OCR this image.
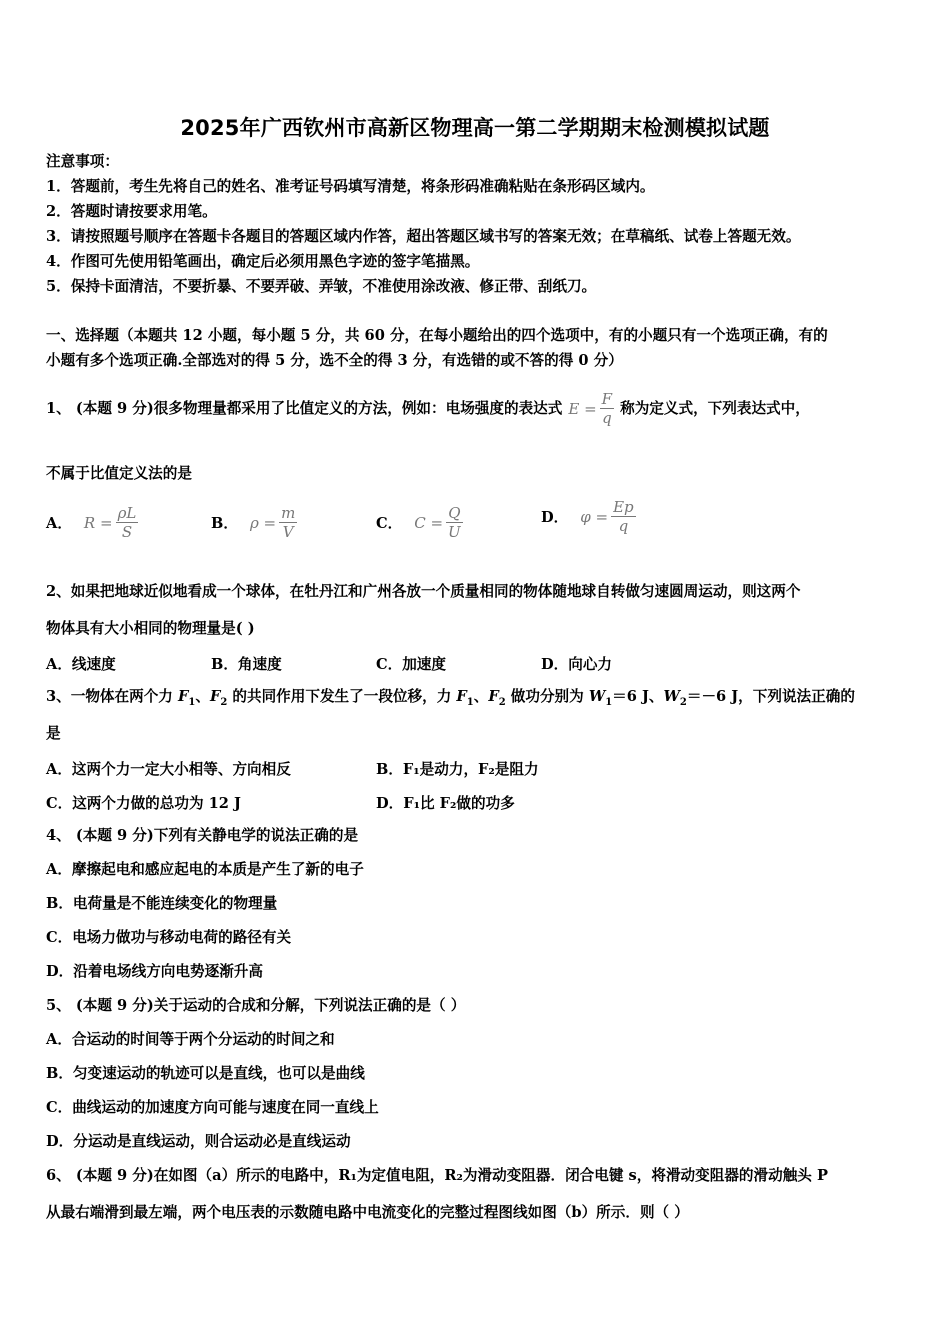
2025年广西钦州市高新区物理高一第二学期期末检测模拟试题
注意事项：
1．答题前，考生先将自己的姓名、准考证号码填写清楚，将条形码准确粘贴在条形码区域内。
2．答题时请按要求用笔。
3．请按照题号顺序在答题卡各题目的答题区域内作答，超出答题区域书写的答案无效；在草稿纸、试卷上答题无效。
4．作图可先使用铅笔画出，确定后必须用黑色字迹的签字笔描黑。
5．保持卡面清洁，不要折暴、不要弄破、弄皱，不准使用涂改液、修正带、刮纸刀。
一、选择题（本题共 12 小题，每小题 5 分，共 60 分，在每小题给出的四个选项中，有的小题只有一个选项正确，有的
小题有多个选项正确.全部选对的得 5 分，选不全的得 3 分，有选错的或不答的得 0 分）
1、 (本题 9 分)很多物理量都采用了比值定义的方法，例如：电场强度的表达式 $E = \frac{F}{q}$ 称为定义式，下列表达式中，
不属于比值定义法的是
A． $R = \frac{\rho L}{S}$	B． $\rho = \frac{m}{V}$	C． $C = \frac{Q}{U}$	D． $\varphi = \frac{Ep}{q}$
2、如果把地球近似地看成一个球体，在牡丹江和广州各放一个质量相同的物体随地球自转做匀速圆周运动，则这两个
物体具有大小相同的物理量是( )
A．线速度	B．角速度	C．加速度	D．向心力
3、一物体在两个力 $F_1$、$F_2$ 的共同作用下发生了一段位移，力 $F_1$、$F_2$ 做功分别为 $W_1=6$ J、$W_2=-6$ J，下列说法正确的
是
A．这两个力一定大小相等、方向相反	B．F₁是动力，F₂是阻力
C．这两个力做的总功为 12 J	D．F₁比 F₂做的功多
4、 (本题 9 分)下列有关静电学的说法正确的是
A．摩擦起电和感应起电的本质是产生了新的电子
B．电荷量是不能连续变化的物理量
C．电场力做功与移动电荷的路径有关
D．沿着电场线方向电势逐渐升高
5、 (本题 9 分)关于运动的合成和分解，下列说法正确的是（ ）
A．合运动的时间等于两个分运动的时间之和
B．匀变速运动的轨迹可以是直线，也可以是曲线
C．曲线运动的加速度方向可能与速度在同一直线上
D．分运动是直线运动，则合运动必是直线运动
6、 (本题 9 分)在如图（a）所示的电路中，R₁为定值电阻，R₂为滑动变阻器．闭合电键 s，将滑动变阻器的滑动触头 P
从最右端滑到最左端，两个电压表的示数随电路中电流变化的完整过程图线如图（b）所示．则（ ）
